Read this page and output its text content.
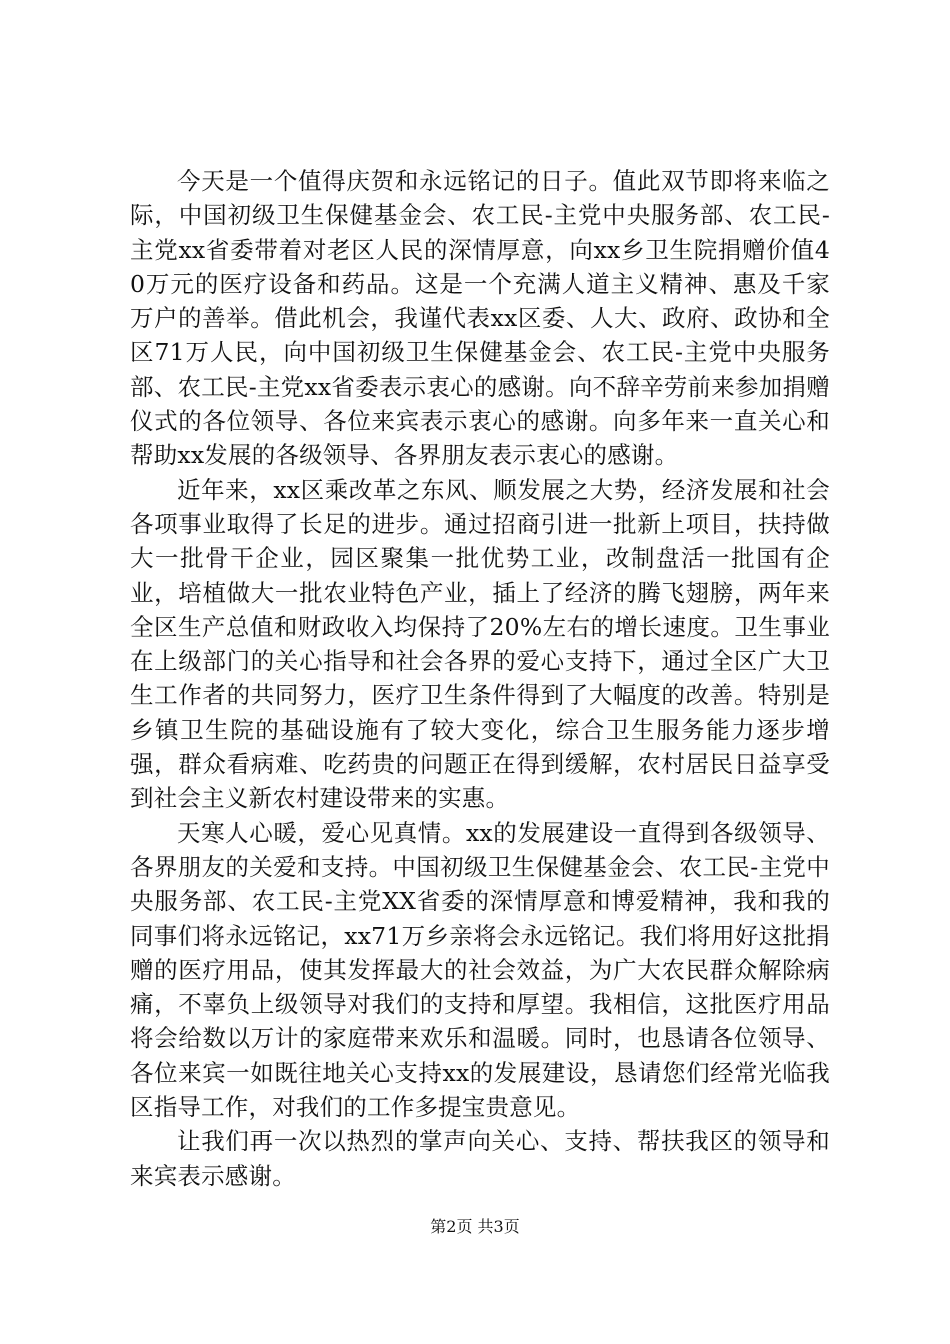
今天是一个值得庆贺和永远铭记的日子。值此双节即将来临之际，中国初级卫生保健基金会、农工民-主党中央服务部、农工民-主党xx省委带着对老区人民的深情厚意，向xx乡卫生院捐赠价值40万元的医疗设备和药品。这是一个充满人道主义精神、惠及千家万户的善举。借此机会，我谨代表xx区委、人大、政府、政协和全区71万人民，向中国初级卫生保健基金会、农工民-主党中央服务部、农工民-主党xx省委表示衷心的感谢。向不辞辛劳前来参加捐赠仪式的各位领导、各位来宾表示衷心的感谢。向多年来一直关心和帮助xx发展的各级领导、各界朋友表示衷心的感谢。

近年来，xx区乘改革之东风、顺发展之大势，经济发展和社会各项事业取得了长足的进步。通过招商引进一批新上项目，扶持做大一批骨干企业，园区聚集一批优势工业，改制盘活一批国有企业，培植做大一批农业特色产业，插上了经济的腾飞翅膀，两年来全区生产总值和财政收入均保持了20%左右的增长速度。卫生事业在上级部门的关心指导和社会各界的爱心支持下，通过全区广大卫生工作者的共同努力，医疗卫生条件得到了大幅度的改善。特别是乡镇卫生院的基础设施有了较大变化，综合卫生服务能力逐步增强，群众看病难、吃药贵的问题正在得到缓解，农村居民日益享受到社会主义新农村建设带来的实惠。

天寒人心暖，爱心见真情。xx的发展建设一直得到各级领导、各界朋友的关爱和支持。中国初级卫生保健基金会、农工民-主党中央服务部、农工民-主党XX省委的深情厚意和博爱精神，我和我的同事们将永远铭记，xx71万乡亲将会永远铭记。我们将用好这批捐赠的医疗用品，使其发挥最大的社会效益，为广大农民群众解除病痛，不辜负上级领导对我们的支持和厚望。我相信，这批医疗用品将会给数以万计的家庭带来欢乐和温暖。同时，也恳请各位领导、各位来宾一如既往地关心支持xx的发展建设，恳请您们经常光临我区指导工作，对我们的工作多提宝贵意见。

让我们再一次以热烈的掌声向关心、支持、帮扶我区的领导和来宾表示感谢。

第2页 共3页
